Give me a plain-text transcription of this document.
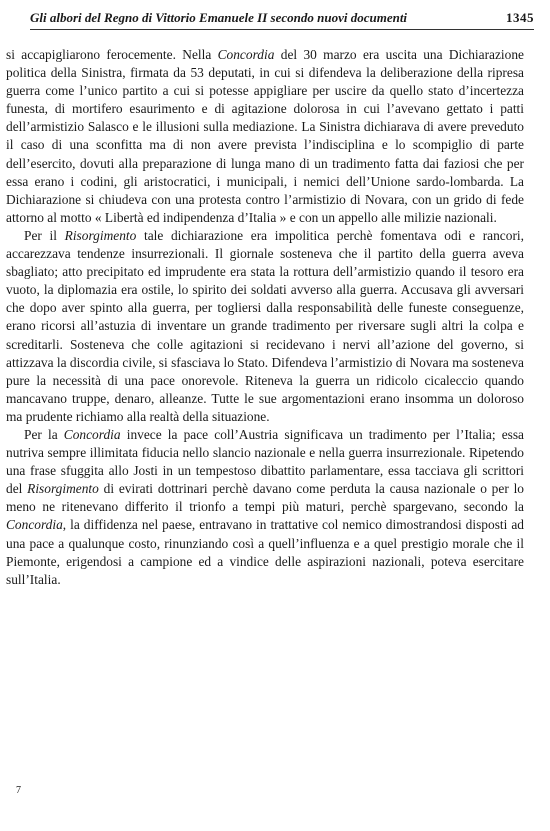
Gli albori del Regno di Vittorio Emanuele II secondo nuovi documenti	1345

si accapigliarono ferocemente. Nella Concordia del 30 marzo era uscita una Dichiarazione politica della Sinistra, firmata da 53 deputati, in cui si difendeva la deliberazione della ripresa guerra come l’unico partito a cui si potesse appigliare per uscire da quello stato d’incertezza funesta, di mortifero esaurimento e di agitazione dolorosa in cui l’avevano gettato i patti dell’armistizio Salasco e le illusioni sulla mediazione. La Sinistra dichiarava di avere preveduto il caso di una sconfitta ma di non avere prevista l’indisciplina e lo scompiglio di parte dell’esercito, dovuti alla preparazione di lunga mano di un tradimento fatta dai faziosi che per essa erano i codini, gli aristocratici, i municipali, i nemici dell’Unione sardo-lombarda. La Dichiarazione si chiudeva con una protesta contro l’armistizio di Novara, con un grido di fede attorno al motto « Libertà ed indipendenza d’Italia » e con un appello alle milizie nazionali.

Per il Risorgimento tale dichiarazione era impolitica perchè fomentava odi e rancori, accarezzava tendenze insurrezionali. Il giornale sosteneva che il partito della guerra aveva sbagliato; atto precipitato ed imprudente era stata la rottura dell’armistizio quando il tesoro era vuoto, la diplomazia era ostile, lo spirito dei soldati avverso alla guerra. Accusava gli avversari che dopo aver spinto alla guerra, per togliersi dalla responsabilità delle funeste conseguenze, erano ricorsi all’astuzia di inventare un grande tradimento per riversare sugli altri la colpa e screditarli. Sosteneva che colle agitazioni si recidevano i nervi all’azione del governo, si attizzava la discordia civile, si sfasciava lo Stato. Difendeva l’armistizio di Novara ma sosteneva pure la necessità di una pace onorevole. Riteneva la guerra un ridicolo cicaleccio quando mancavano truppe, denaro, alleanze. Tutte le sue argomentazioni erano insomma un doloroso ma prudente richiamo alla realtà della situazione.

Per la Concordia invece la pace coll’Austria significava un tradimento per l’Italia; essa nutriva sempre illimitata fiducia nello slancio nazionale e nella guerra insurrezionale. Ripetendo una frase sfuggita allo Josti in un tempestoso dibattito parlamentare, essa tacciava gli scrittori del Risorgimento di evirati dottrinari perchè davano come perduta la causa nazionale o per lo meno ne ritenevano differito il trionfo a tempi più maturi, perchè spargevano, secondo la Concordia, la diffidenza nel paese, entravano in trattative col nemico dimostrandosi disposti ad una pace a qualunque costo, rinunziando così a quell’influenza e a quel prestigio morale che il Piemonte, erigendosi a campione ed a vindice delle aspirazioni nazionali, poteva esercitare sull’Italia.

7
